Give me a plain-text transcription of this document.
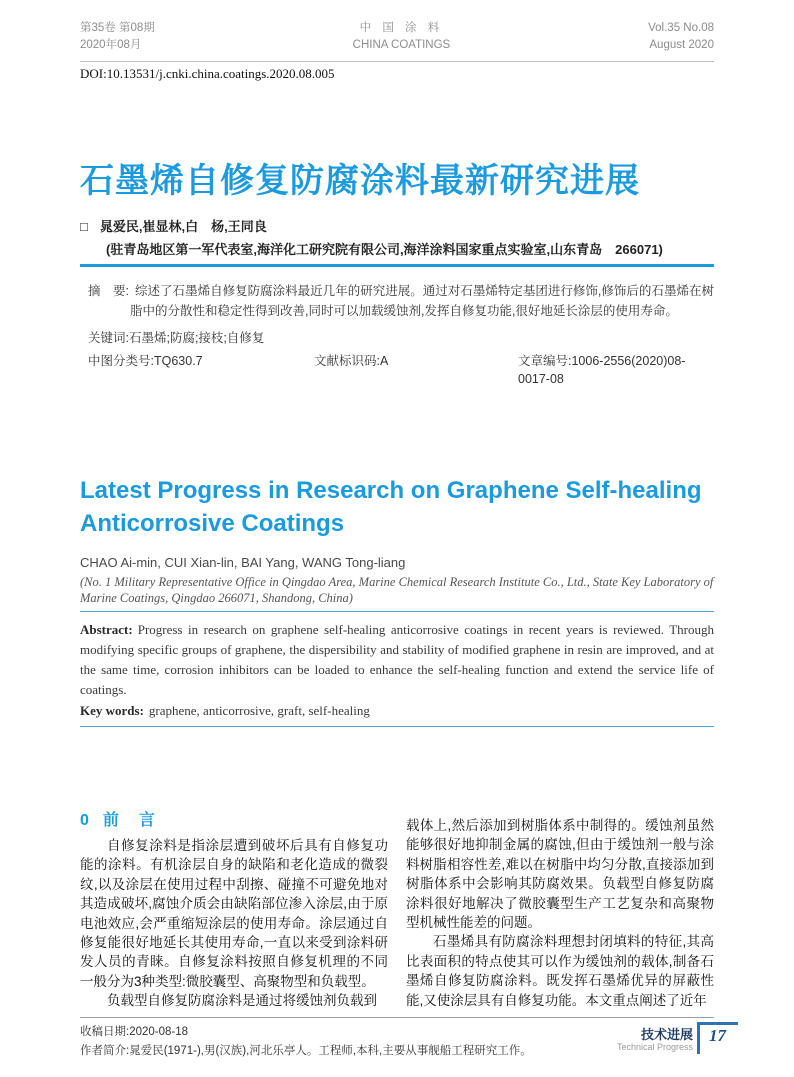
第35卷 第08期
2020年08月
中 国 涂 料
CHINA COATINGS
Vol.35 No.08
August 2020
DOI:10.13531/j.cnki.china.coatings.2020.08.005
石墨烯自修复防腐涂料最新研究进展
□ 晁爱民,崔显林,白　杨,王同良
(驻青岛地区第一军代表室,海洋化工研究院有限公司,海洋涂料国家重点实验室,山东青岛　266071)
摘　要: 综述了石墨烯自修复防腐涂料最近几年的研究进展。通过对石墨烯特定基团进行修饰,修饰后的石墨烯在树脂中的分散性和稳定性得到改善,同时可以加载缓蚀剂,发挥自修复功能,很好地延长涂层的使用寿命。
关键词:石墨烯;防腐;接枝;自修复
中图分类号:TQ630.7	文献标识码:A	文章编号:1006-2556(2020)08-0017-08
Latest Progress in Research on Graphene Self-healing Anticorrosive Coatings
CHAO Ai-min, CUI Xian-lin, BAI Yang, WANG Tong-liang
(No. 1 Military Representative Office in Qingdao Area, Marine Chemical Research Institute Co., Ltd., State Key Laboratory of Marine Coatings, Qingdao 266071, Shandong, China)

Abstract: Progress in research on graphene self-healing anticorrosive coatings in recent years is reviewed. Through modifying specific groups of graphene, the dispersibility and stability of modified graphene in resin are improved, and at the same time, corrosion inhibitors can be loaded to enhance the self-healing function and extend the service life of coatings.

Key words: graphene, anticorrosive, graft, self-healing

0 前　言

自修复涂料是指涂层遭到破坏后具有自修复功能的涂料。有机涂层自身的缺陷和老化造成的微裂纹,以及涂层在使用过程中刮擦、碰撞不可避免地对其造成破坏,腐蚀介质会由缺陷部位渗入涂层,由于原电池效应,会严重缩短涂层的使用寿命。涂层通过自修复能很好地延长其使用寿命,一直以来受到涂料研发人员的青睐。自修复涂料按照自修复机理的不同一般分为3种类型:微胶囊型、高聚物型和负载型。

负载型自修复防腐涂料是通过将缓蚀剂负载到

载体上,然后添加到树脂体系中制得的。缓蚀剂虽然能够很好地抑制金属的腐蚀,但由于缓蚀剂一般与涂料树脂相容性差,难以在树脂中均匀分散,直接添加到树脂体系中会影响其防腐效果。负载型自修复防腐涂料很好地解决了微胶囊型生产工艺复杂和高聚物型机械性能差的问题。

石墨烯具有防腐涂料理想封闭填料的特征,其高比表面积的特点使其可以作为缓蚀剂的载体,制备石墨烯自修复防腐涂料。既发挥石墨烯优异的屏蔽性能,又使涂层具有自修复功能。本文重点阐述了近年

收稿日期:2020-08-18
作者简介:晁爱民(1971-),男(汉族),河北乐亭人。工程师,本科,主要从事舰船工程研究工作。
技术进展
Technical Progress
17
